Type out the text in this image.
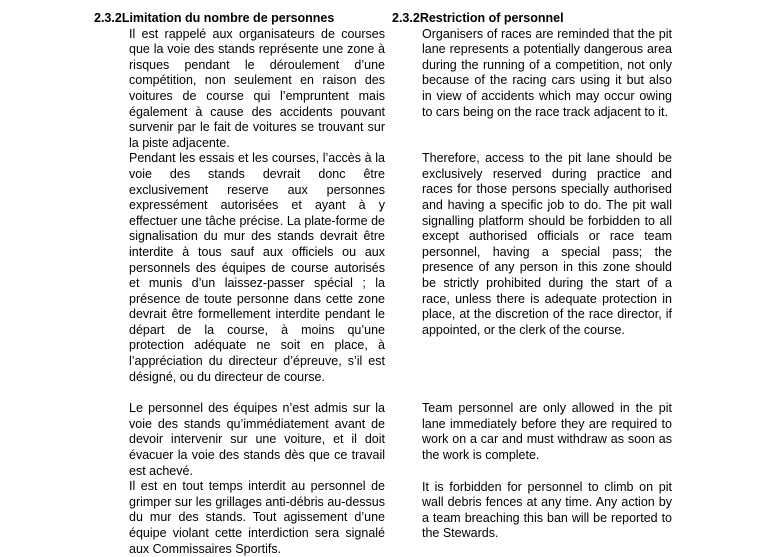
2.3.2 Limitation du nombre de personnes

Il est rappelé aux organisateurs de courses que la voie des stands représente une zone à risques pendant le déroulement d’une compétition, non seulement en raison des voitures de course qui l’empruntent mais également à cause des accidents pouvant survenir par le fait de voitures se trouvant sur la piste adjacente.

Pendant les essais et les courses, l’accès à la voie des stands devrait donc être exclusivement reserve aux personnes expressément autorisées et ayant à y effectuer une tâche précise. La plate-forme de signalisation du mur des stands devrait être interdite à tous sauf aux officiels ou aux personnels des équipes de course autorisés et munis d’un laissez-passer spécial ; la présence de toute personne dans cette zone devrait être formellement interdite pendant le départ de la course, à moins qu’une protection adéquate ne soit en place, à l’appréciation du directeur d’épreuve, s’il est désigné, ou du directeur de course.

Le personnel des équipes n’est admis sur la voie des stands qu’immédiatement avant de devoir intervenir sur une voiture, et il doit évacuer la voie des stands dès que ce travail est achevé.

Il est en tout temps interdit au personnel de grimper sur les grillages anti-débris au-dessus du mur des stands. Tout agissement d’une équipe violant cette interdiction sera signalé aux Commissaires Sportifs.

2.3.2 Restriction of personnel

Organisers of races are reminded that the pit lane represents a potentially dangerous area during the running of a competition, not only because of the racing cars using it but also in view of accidents which may occur owing to cars being on the race track adjacent to it.

Therefore, access to the pit lane should be exclusively reserved during practice and races for those persons specially authorised and having a specific job to do. The pit wall signalling platform should be forbidden to all except authorised officials or race team personnel, having a special pass; the presence of any person in this zone should be strictly prohibited during the start of a race, unless there is adequate protection in place, at the discretion of the race director, if appointed, or the clerk of the course.

Team personnel are only allowed in the pit lane immediately before they are required to work on a car and must withdraw as soon as the work is complete.

It is forbidden for personnel to climb on pit wall debris fences at any time. Any action by a team breaching this ban will be reported to the Stewards.
